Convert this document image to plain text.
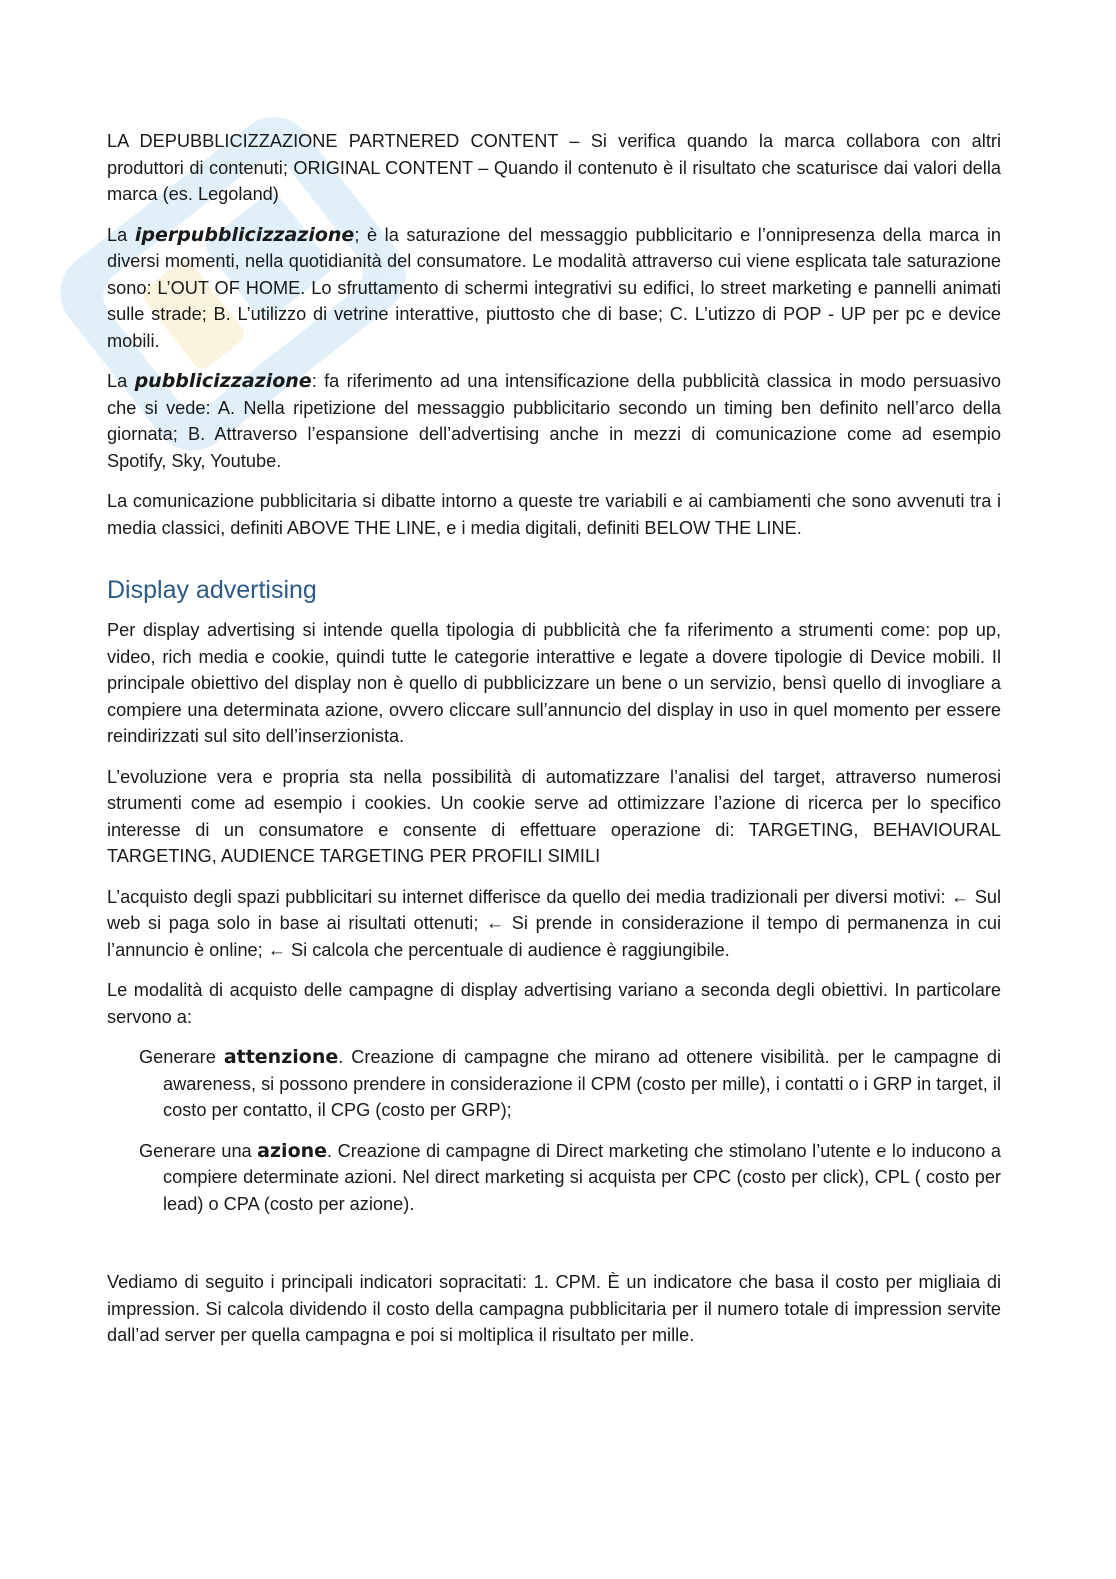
LA DEPUBBLICIZZAZIONE PARTNERED CONTENT – Si verifica quando la marca collabora con altri produttori di contenuti; ORIGINAL CONTENT – Quando il contenuto è il risultato che scaturisce dai valori della marca (es. Legoland)

La iperpubblicizzazione; è la saturazione del messaggio pubblicitario e l’onnipresenza della marca in diversi momenti, nella quotidianità del consumatore. Le modalità attraverso cui viene esplicata tale saturazione sono: L’OUT OF HOME. Lo sfruttamento di schermi integrativi su edifici, lo street marketing e pannelli animati sulle strade; B. L’utilizzo di vetrine interattive, piuttosto che di base; C. L’utizzo di POP - UP per pc e device mobili.

La pubblicizzazione: fa riferimento ad una intensificazione della pubblicità classica in modo persuasivo che si vede: A. Nella ripetizione del messaggio pubblicitario secondo un timing ben definito nell’arco della giornata; B. Attraverso l’espansione dell’advertising anche in mezzi di comunicazione come ad esempio Spotify, Sky, Youtube.

La comunicazione pubblicitaria si dibatte intorno a queste tre variabili e ai cambiamenti che sono avvenuti tra i media classici, definiti ABOVE THE LINE, e i media digitali, definiti BELOW THE LINE.

Display advertising

Per display advertising si intende quella tipologia di pubblicità che fa riferimento a strumenti come: pop up, video, rich media e cookie, quindi tutte le categorie interattive e legate a dovere tipologie di Device mobili. Il principale obiettivo del display non è quello di pubblicizzare un bene o un servizio, bensì quello di invogliare a compiere una determinata azione, ovvero cliccare sull’annuncio del display in uso in quel momento per essere reindirizzati sul sito dell’inserzionista.

L’evoluzione vera e propria sta nella possibilità di automatizzare l’analisi del target, attraverso numerosi strumenti come ad esempio i cookies. Un cookie serve ad ottimizzare l’azione di ricerca per lo specifico interesse di un consumatore e consente di effettuare operazione di: TARGETING, BEHAVIOURAL TARGETING, AUDIENCE TARGETING PER PROFILI SIMILI

L’acquisto degli spazi pubblicitari su internet differisce da quello dei media tradizionali per diversi motivi: ← Sul web si paga solo in base ai risultati ottenuti; ← Si prende in considerazione il tempo di permanenza in cui l’annuncio è online; ← Si calcola che percentuale di audience è raggiungibile.

Le modalità di acquisto delle campagne di display advertising variano a seconda degli obiettivi. In particolare servono a:

Generare attenzione. Creazione di campagne che mirano ad ottenere visibilità. per le campagne di awareness, si possono prendere in considerazione il CPM (costo per mille), i contatti o i GRP in target, il costo per contatto, il CPG (costo per GRP);

Generare una azione. Creazione di campagne di Direct marketing che stimolano l’utente e lo inducono a compiere determinate azioni. Nel direct marketing si acquista per CPC (costo per click), CPL ( costo per lead) o CPA (costo per azione).

Vediamo di seguito i principali indicatori sopracitati: 1. CPM. È un indicatore che basa il costo per migliaia di impression. Si calcola dividendo il costo della campagna pubblicitaria per il numero totale di impression servite dall’ad server per quella campagna e poi si moltiplica il risultato per mille.
